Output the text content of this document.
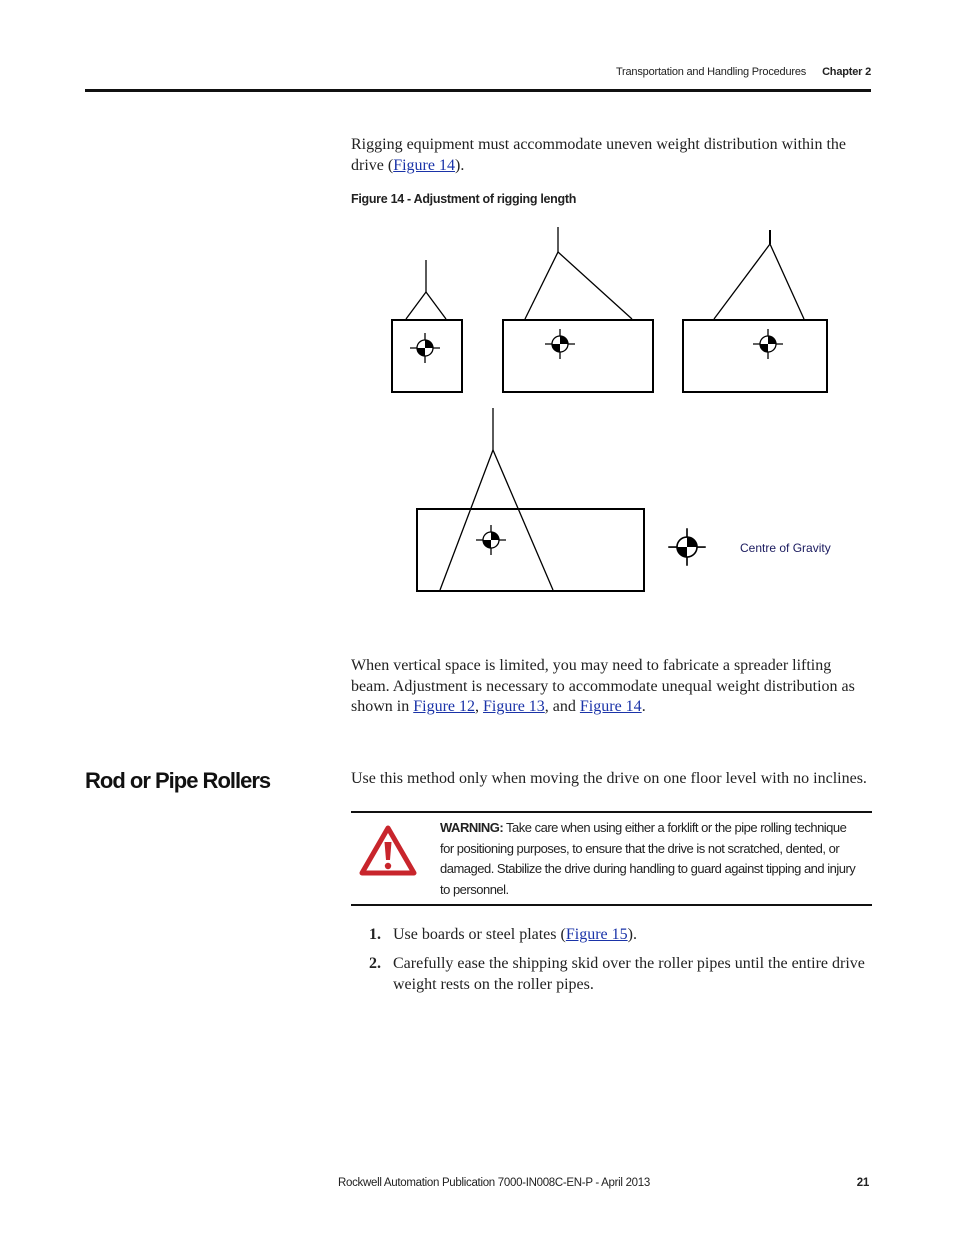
Transportation and Handling Procedures Chapter 2
Rigging equipment must accommodate uneven weight distribution within the drive (Figure 14).
Figure 14 - Adjustment of rigging length
Centre of Gravity
When vertical space is limited, you may need to fabricate a spreader lifting beam. Adjustment is necessary to accommodate unequal weight distribution as shown in Figure 12, Figure 13, and Figure 14.
Rod or Pipe Rollers	Use this method only when moving the drive on one floor level with no inclines.
WARNING: Take care when using either a forklift or the pipe rolling technique for positioning purposes, to ensure that the drive is not scratched, dented, or damaged. Stabilize the drive during handling to guard against tipping and injury to personnel.
1. Use boards or steel plates (Figure 15).
2. Carefully ease the shipping skid over the roller pipes until the entire drive weight rests on the roller pipes.
Rockwell Automation Publication 7000-IN008C-EN-P - April 2013	21
